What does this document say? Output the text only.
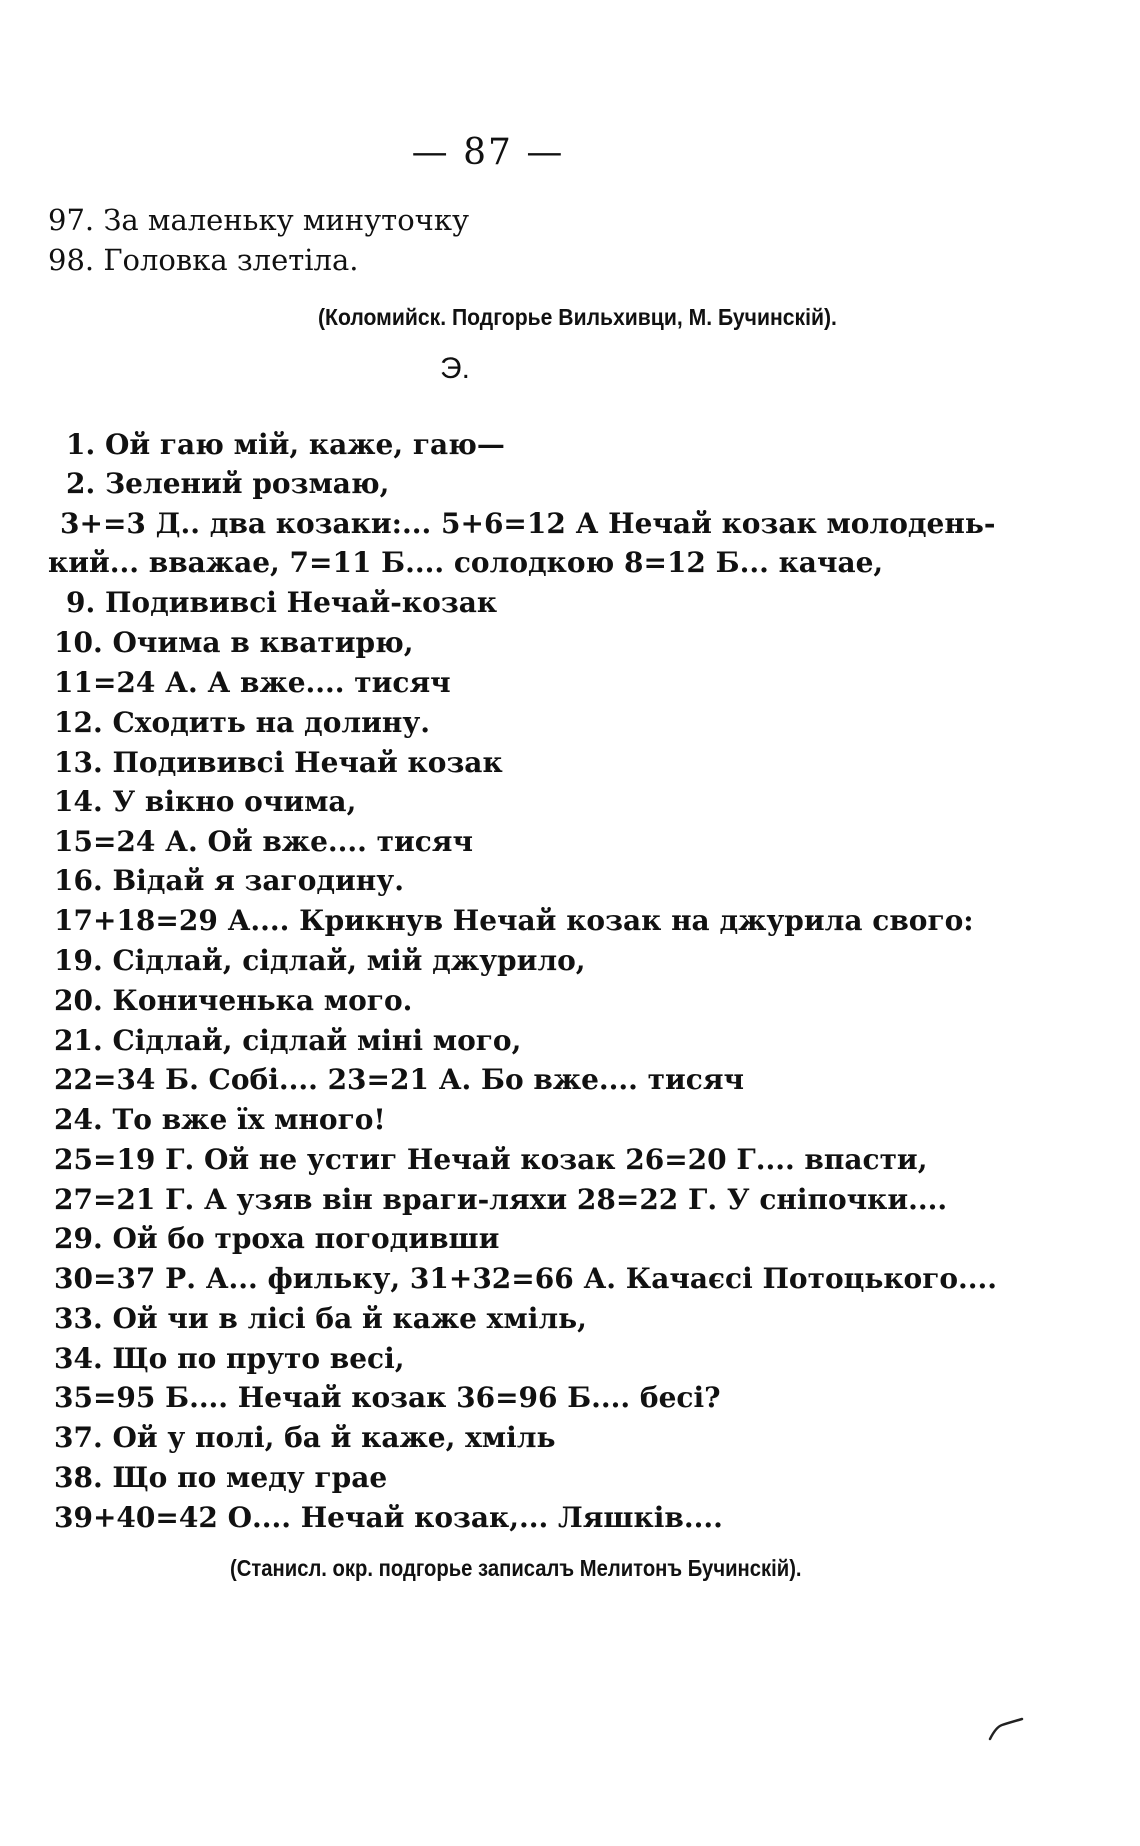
— 87 —
97. За маленьку минуточку
98. Головка злетіла.
(Коломийск. Подгорье Вильхивци, М. Бучинскій).
Э.
1. Ой гаю мій, каже, гаю—
2. Зелений розмаю,
3+=3 Д.. два козаки:... 5+6=12 А Нечай козак молодень-
кий... вважае, 7=11 Б.... солодкою 8=12 Б... качае,
9. Подививсі Нечай-козак
10. Очима в кватирю,
11=24 А. А вже.... тисяч
12. Сходить на долину.
13. Подививсі Нечай козак
14. У вікно очима,
15=24 А. Ой вже.... тисяч
16. Відай я загодину.
17+18=29 А.... Крикнув Нечай козак на джурила свого:
19. Сідлай, сідлай, мій джурило,
20. Кониченька мого.
21. Сідлай, сідлай міні мого,
22=34 Б. Собі.... 23=21 А. Бо вже.... тисяч
24. То вже їх много!
25=19 Г. Ой не устиг Нечай козак 26=20 Г.... впасти,
27=21 Г. А узяв він враги-ляхи 28=22 Г. У сніпочки....
29. Ой бо троха погодивши
30=37 Р. А... фильку, 31+32=66 А. Качаєсі Потоцького....
33. Ой чи в лісі ба й каже хміль,
34. Що по пруто весі,
35=95 Б.... Нечай козак 36=96 Б.... бесі?
37. Ой у полі, ба й каже, хміль
38. Що по меду грае
39+40=42 О.... Нечай козак,... Ляшків....
(Станисл. окр. подгорье записалъ Мелитонъ Бучинскій).
